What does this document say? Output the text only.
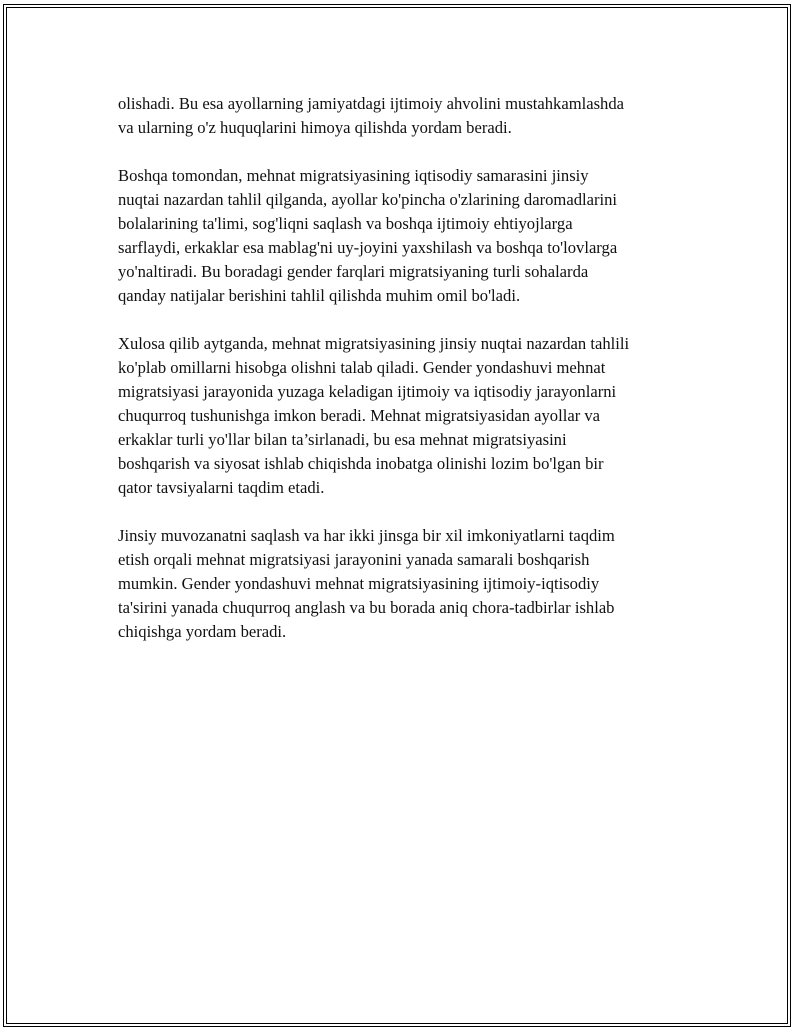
olishadi. Bu esa ayollarning jamiyatdagi ijtimoiy ahvolini mustahkamlashda
va ularning o'z huquqlarini himoya qilishda yordam beradi.

Boshqa tomondan, mehnat migratsiyasining iqtisodiy samarasini jinsiy
nuqtai nazardan tahlil qilganda, ayollar ko'pincha o'zlarining daromadlarini
bolalarining ta'limi, sog'liqni saqlash va boshqa ijtimoiy ehtiyojlarga
sarflaydi, erkaklar esa mablag'ni uy-joyini yaxshilash va boshqa to'lovlarga
yo'naltiradi. Bu boradagi gender farqlari migratsiyaning turli sohalarda
qanday natijalar berishini tahlil qilishda muhim omil bo'ladi.

Xulosa qilib aytganda, mehnat migratsiyasining jinsiy nuqtai nazardan tahlili
ko'plab omillarni hisobga olishni talab qiladi. Gender yondashuvi mehnat
migratsiyasi jarayonida yuzaga keladigan ijtimoiy va iqtisodiy jarayonlarni
chuqurroq tushunishga imkon beradi. Mehnat migratsiyasidan ayollar va
erkaklar turli yo'llar bilan ta’sirlanadi, bu esa mehnat migratsiyasini
boshqarish va siyosat ishlab chiqishda inobatga olinishi lozim bo'lgan bir
qator tavsiyalarni taqdim etadi.

Jinsiy muvozanatni saqlash va har ikki jinsga bir xil imkoniyatlarni taqdim
etish orqali mehnat migratsiyasi jarayonini yanada samarali boshqarish
mumkin. Gender yondashuvi mehnat migratsiyasining ijtimoiy-iqtisodiy
ta'sirini yanada chuqurroq anglash va bu borada aniq chora-tadbirlar ishlab
chiqishga yordam beradi.
